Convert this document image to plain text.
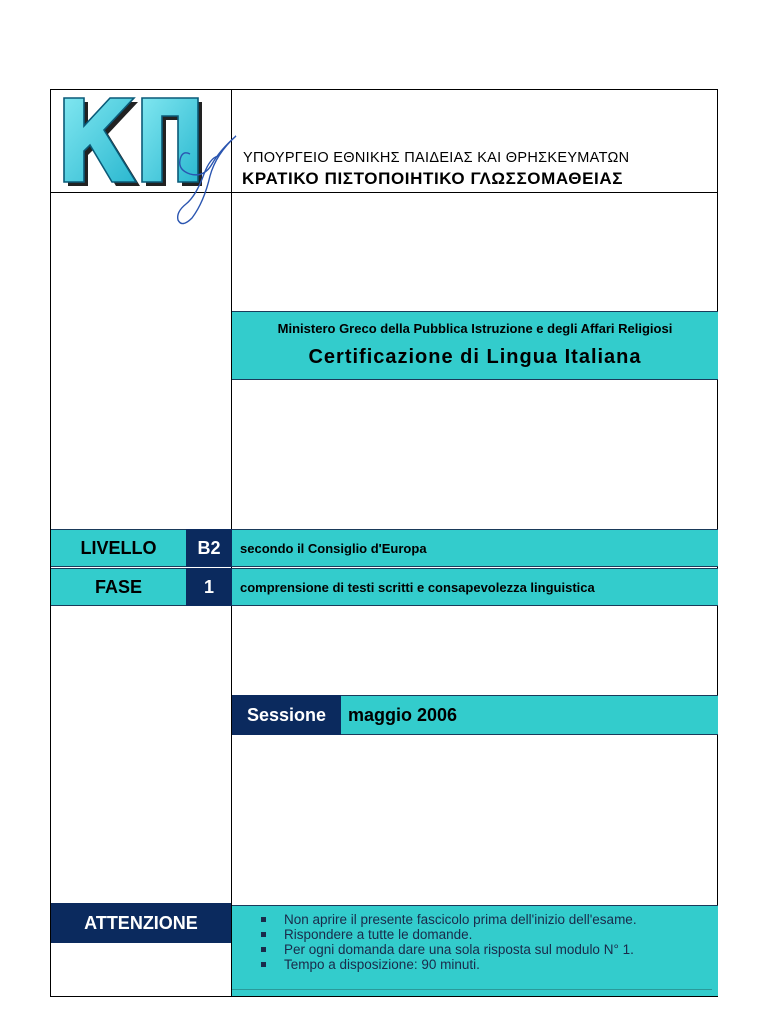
ΥΠΟΥΡΓΕΙΟ ΕΘΝΙΚΗΣ ΠΑΙΔΕΙΑΣ ΚΑΙ ΘΡΗΣΚΕΥΜΑΤΩΝ
ΚΡΑΤΙΚΟ ΠΙΣΤΟΠΟΙΗΤΙΚΟ ΓΛΩΣΣΟΜΑΘΕΙΑΣ
Ministero Greco della Pubblica Istruzione e degli Affari Religiosi
Certificazione di Lingua Italiana
LIVELLO	B2	secondo il Consiglio d'Europa
FASE	1	comprensione di testi scritti e consapevolezza linguistica
Sessione	maggio 2006
ATTENZIONE	Non aprire il presente fascicolo prima dell'inizio dell'esame.
Rispondere a tutte le domande.
Per ogni domanda dare una sola risposta sul modulo N° 1.
Tempo a disposizione: 90 minuti.
